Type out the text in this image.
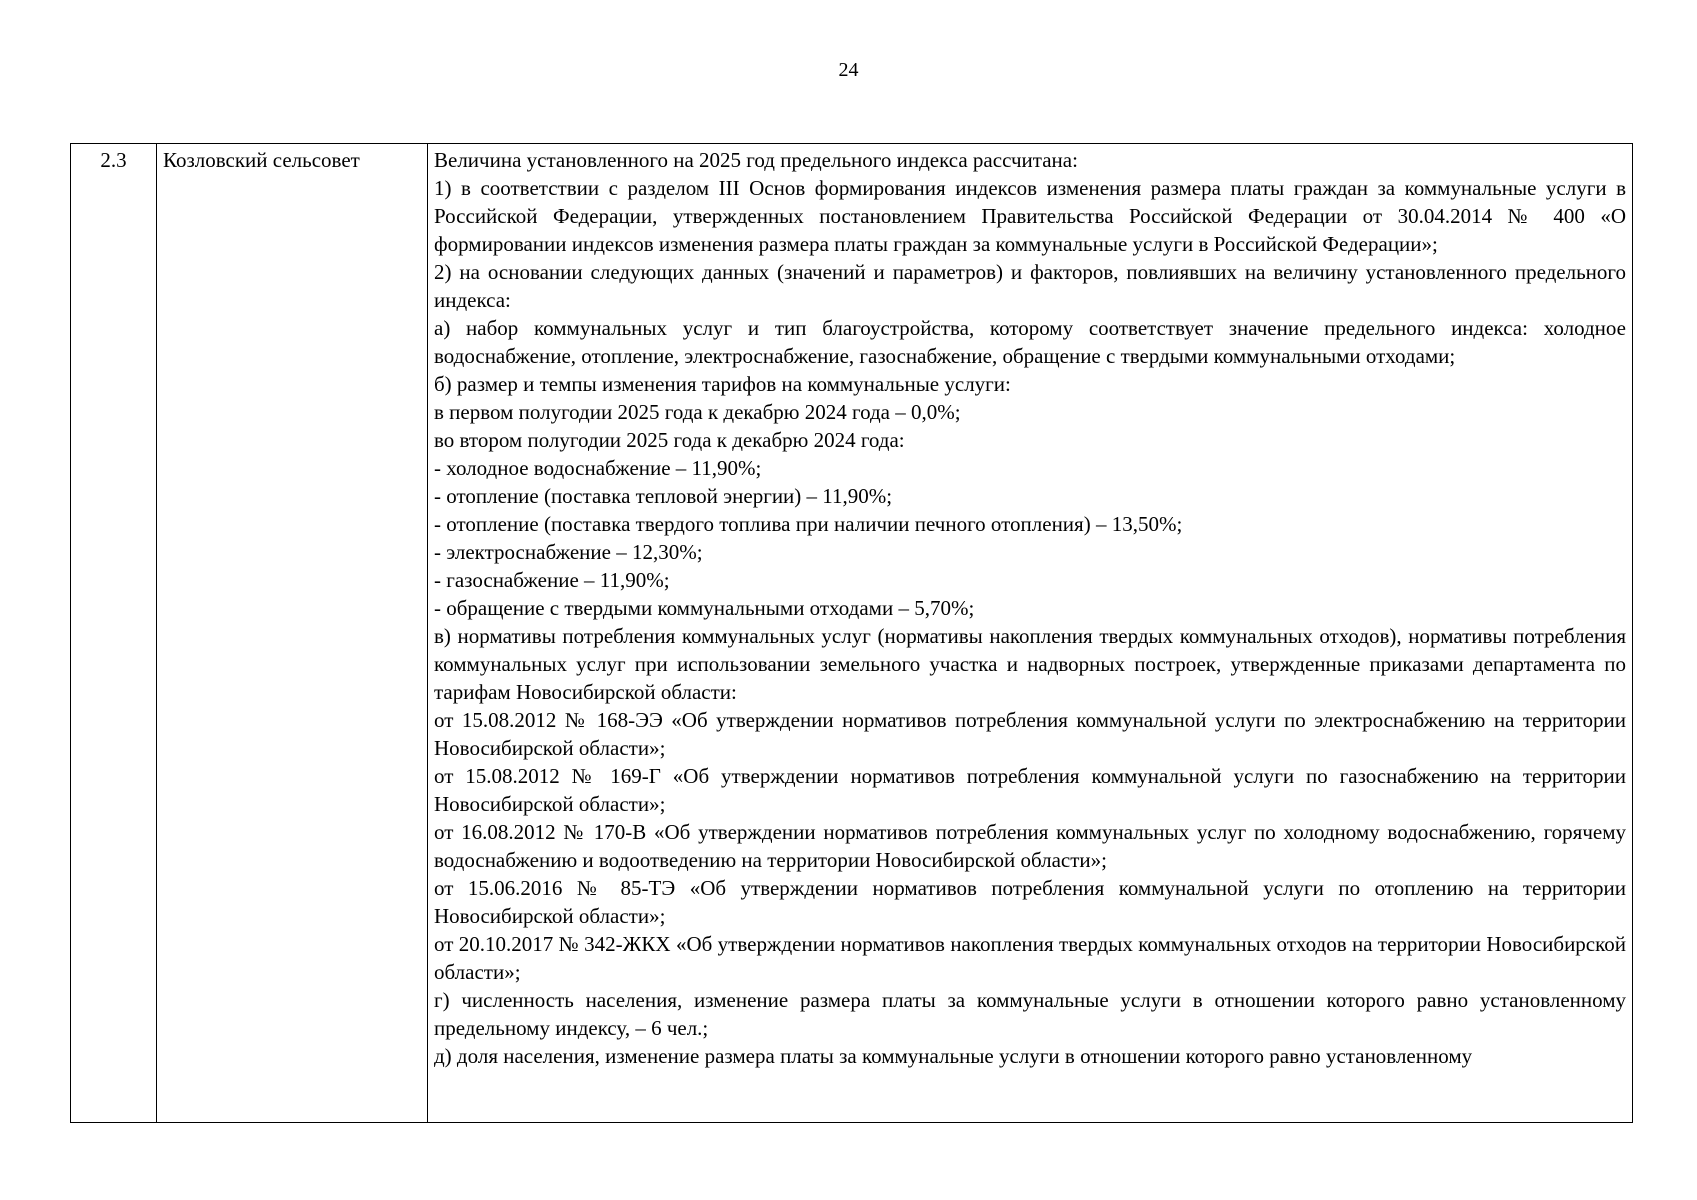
24
2.3	Козловский сельсовет	Величина установленного на 2025 год предельного индекса рассчитана:

1) в соответствии с разделом III Основ формирования индексов изменения размера платы граждан за коммунальные услуги в Российской Федерации, утвержденных постановлением Правительства Российской Федерации от 30.04.2014 № 400 «О формировании индексов изменения размера платы граждан за коммунальные услуги в Российской Федерации»;

2) на основании следующих данных (значений и параметров) и факторов, повлиявших на величину установленного предельного индекса:

а) набор коммунальных услуг и тип благоустройства, которому соответствует значение предельного индекса: холодное водоснабжение, отопление, электроснабжение, газоснабжение, обращение с твердыми коммунальными отходами;

б) размер и темпы изменения тарифов на коммунальные услуги:

в первом полугодии 2025 года к декабрю 2024 года – 0,0%;

во втором полугодии 2025 года к декабрю 2024 года:

- холодное водоснабжение – 11,90%;

- отопление (поставка тепловой энергии) – 11,90%;

- отопление (поставка твердого топлива при наличии печного отопления) – 13,50%;

- электроснабжение – 12,30%;

- газоснабжение – 11,90%;

- обращение с твердыми коммунальными отходами – 5,70%;

в) нормативы потребления коммунальных услуг (нормативы накопления твердых коммунальных отходов), нормативы потребления коммунальных услуг при использовании земельного участка и надворных построек, утвержденные приказами департамента по тарифам Новосибирской области:

от 15.08.2012 № 168-ЭЭ «Об утверждении нормативов потребления коммунальной услуги по электроснабжению на территории Новосибирской области»;

от 15.08.2012 № 169-Г «Об утверждении нормативов потребления коммунальной услуги по газоснабжению на территории Новосибирской области»;

от 16.08.2012 № 170-В «Об утверждении нормативов потребления коммунальных услуг по холодному водоснабжению, горячему водоснабжению и водоотведению на территории Новосибирской области»;

от 15.06.2016 № 85-ТЭ «Об утверждении нормативов потребления коммунальной услуги по отоплению на территории Новосибирской области»;

от 20.10.2017 № 342-ЖКХ «Об утверждении нормативов накопления твердых коммунальных отходов на территории Новосибирской области»;

г) численность населения, изменение размера платы за коммунальные услуги в отношении которого равно установленному предельному индексу, – 6 чел.;

д) доля населения, изменение размера платы за коммунальные услуги в отношении которого равно установленному
